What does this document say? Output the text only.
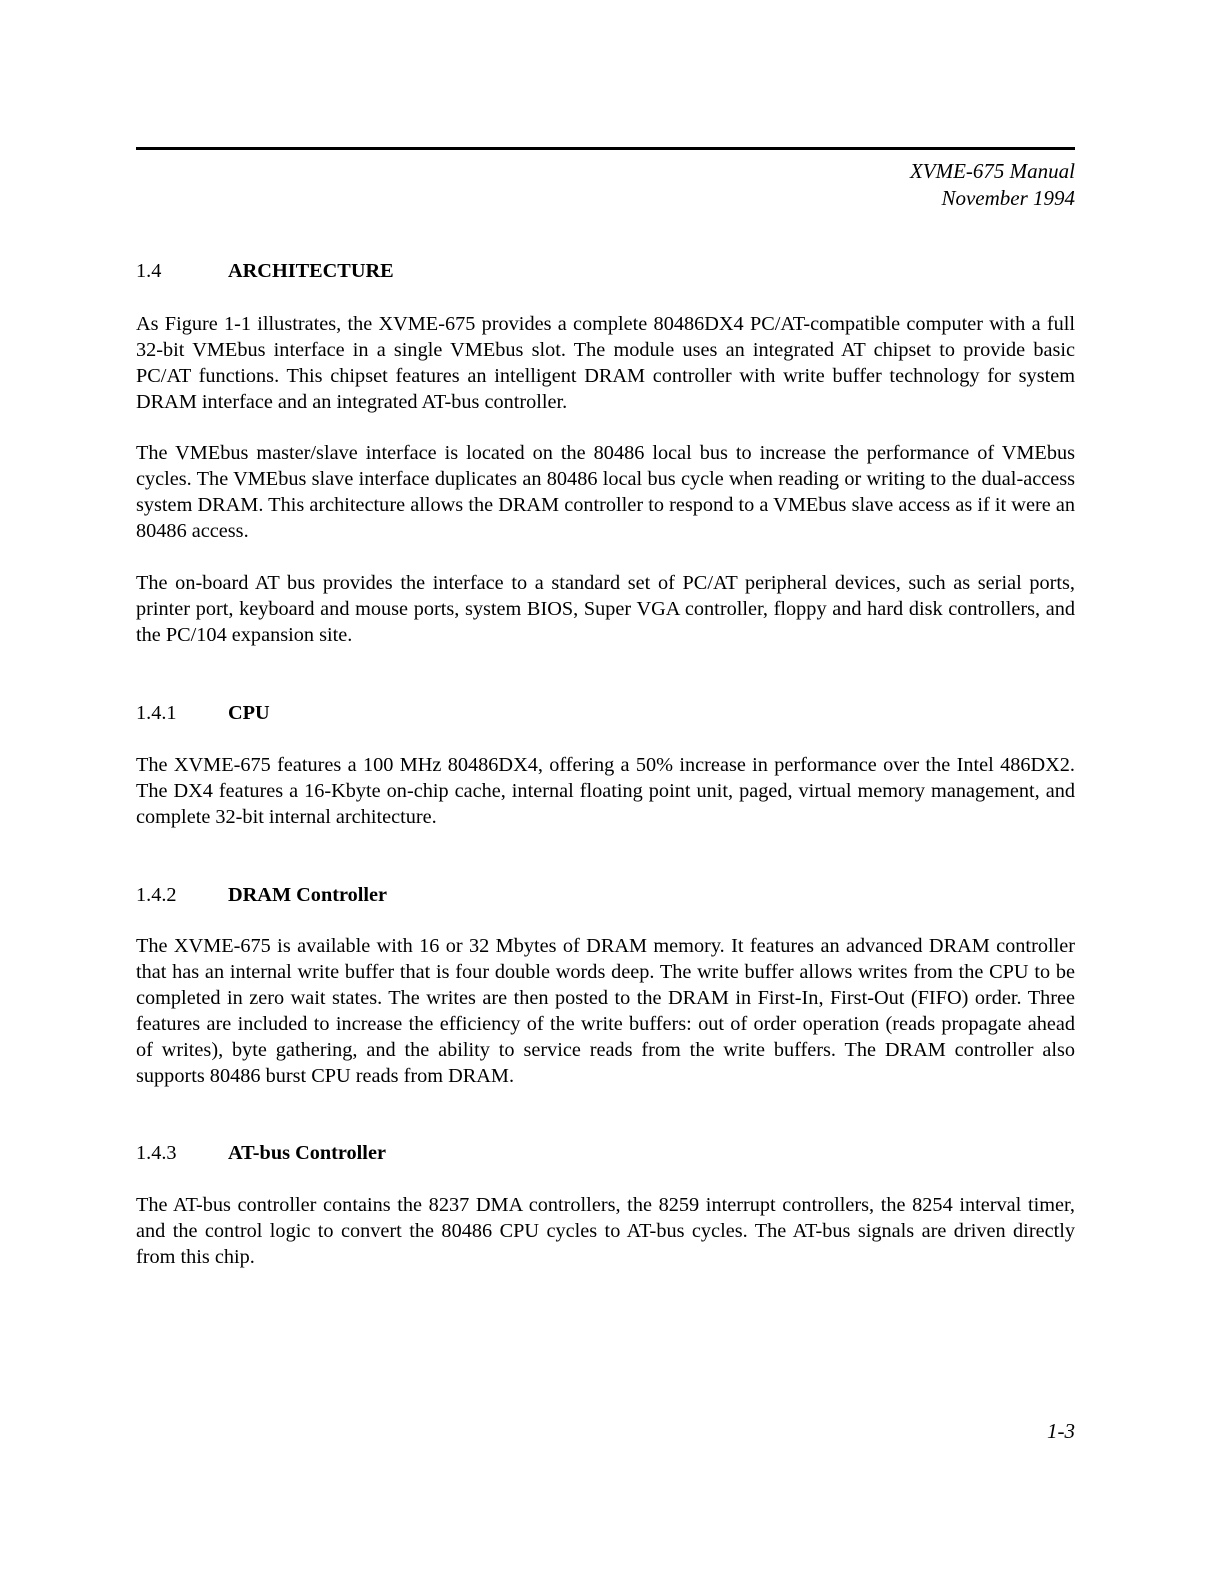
XVME-675 Manual
November 1994
1.4	ARCHITECTURE

As Figure 1-1 illustrates, the XVME-675 provides a complete 80486DX4 PC/AT-compatible computer with a full 32-bit VMEbus interface in a single VMEbus slot. The module uses an integrated AT chipset to provide basic PC/AT functions. This chipset features an intelligent DRAM controller with write buffer technology for system DRAM interface and an integrated AT-bus controller.

The VMEbus master/slave interface is located on the 80486 local bus to increase the performance of VMEbus cycles. The VMEbus slave interface duplicates an 80486 local bus cycle when reading or writing to the dual-access system DRAM. This architecture allows the DRAM controller to respond to a VMEbus slave access as if it were an 80486 access.

The on-board AT bus provides the interface to a standard set of PC/AT peripheral devices, such as serial ports, printer port, keyboard and mouse ports, system BIOS, Super VGA controller, floppy and hard disk controllers, and the PC/104 expansion site.

1.4.1	CPU

The XVME-675 features a 100 MHz 80486DX4, offering a 50% increase in performance over the Intel 486DX2. The DX4 features a 16-Kbyte on-chip cache, internal floating point unit, paged, virtual memory management, and complete 32-bit internal architecture.

1.4.2	DRAM Controller

The XVME-675 is available with 16 or 32 Mbytes of DRAM memory. It features an advanced DRAM controller that has an internal write buffer that is four double words deep. The write buffer allows writes from the CPU to be completed in zero wait states. The writes are then posted to the DRAM in First-In, First-Out (FIFO) order. Three features are included to increase the efficiency of the write buffers: out of order operation (reads propagate ahead of writes), byte gathering, and the ability to service reads from the write buffers. The DRAM controller also supports 80486 burst CPU reads from DRAM.

1.4.3	AT-bus Controller

The AT-bus controller contains the 8237 DMA controllers, the 8259 interrupt controllers, the 8254 interval timer, and the control logic to convert the 80486 CPU cycles to AT-bus cycles. The AT-bus signals are driven directly from this chip.

1-3
